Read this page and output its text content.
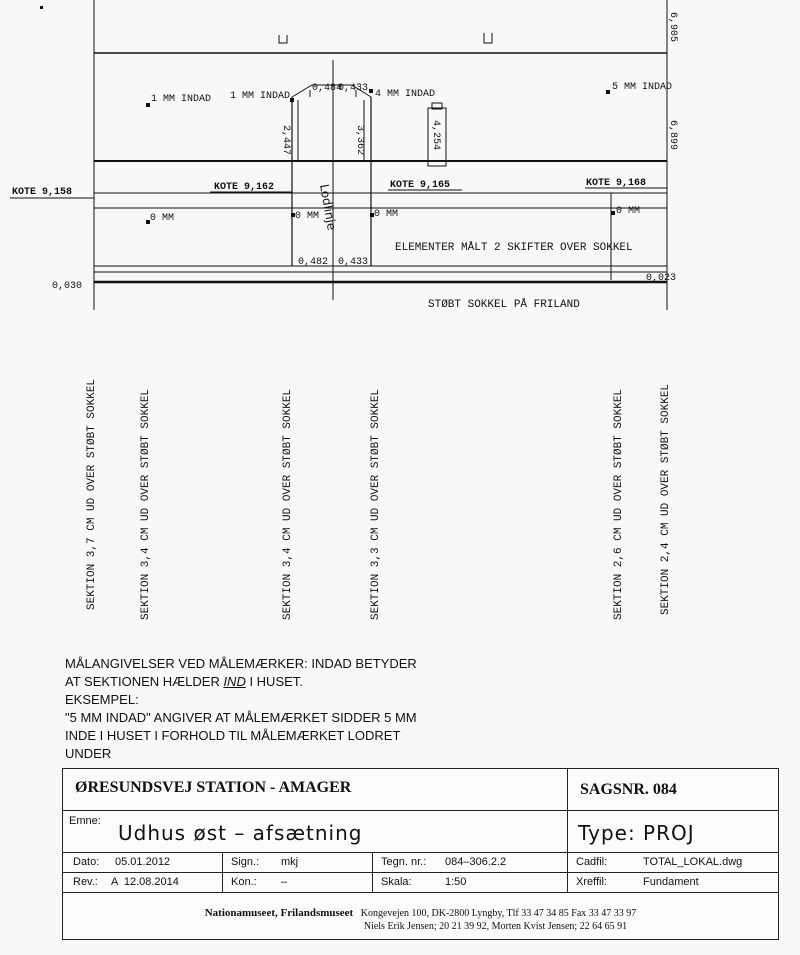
1 MM INDAD 1 MM INDAD	4 MM INDAD
5 MM INDAD
0 MM	0 MM	0 MM	0 MM
0,484
0,433
2,447	3,362	4,254
0,482 0,433
0,030
0,023
6,905
6,899
KOTE 9,158	KOTE 9,162	KOTE 9,165	KOTE 9,168
Lodlinje
ELEMENTER MÅLT 2 SKIFTER OVER SOKKEL
STØBT SOKKEL PÅ FRILAND
SEKTION 3,7 CM UD OVER STØBT SOKKEL	SEKTION 3,4 CM UD OVER STØBT SOKKEL	SEKTION 3,4 CM UD OVER STØBT SOKKEL	SEKTION 3,3 CM UD OVER STØBT SOKKEL	SEKTION 2,6 CM UD OVER STØBT SOKKEL	SEKTION 2,4 CM UD OVER STØBT SOKKEL
MÅLANGIVELSER VED MÅLEMÆRKER: INDAD BETYDER
AT SEKTIONEN HÆLDER IND I HUSET.
EKSEMPEL:
"5 MM INDAD" ANGIVER AT MÅLEMÆRKET SIDDER 5 MM
INDE I HUSET I FORHOLD TIL MÅLEMÆRKET LODRET
UNDER
ØRESUNDSVEJ STATION - AMAGER	SAGSNR. 084
Emne: Udhus øst – afsætning	Type: PROJ
Dato: 05.01.2012	Sign.: mkj	Tegn. nr.: 084–306.2.2	Cadfil:	TOTAL_LOKAL.dwg
Rev.: A  12.08.2014	Kon.: –	Skala:	1:50	Xreffil:	Fundament
Nationamuseet, Frilandsmuseet Kongevejen 100, DK-2800 Lyngby, Tlf 33 47 34 85 Fax 33 47 33 97
Niels Erik Jensen; 20 21 39 92, Morten Kvist Jensen; 22 64 65 91
